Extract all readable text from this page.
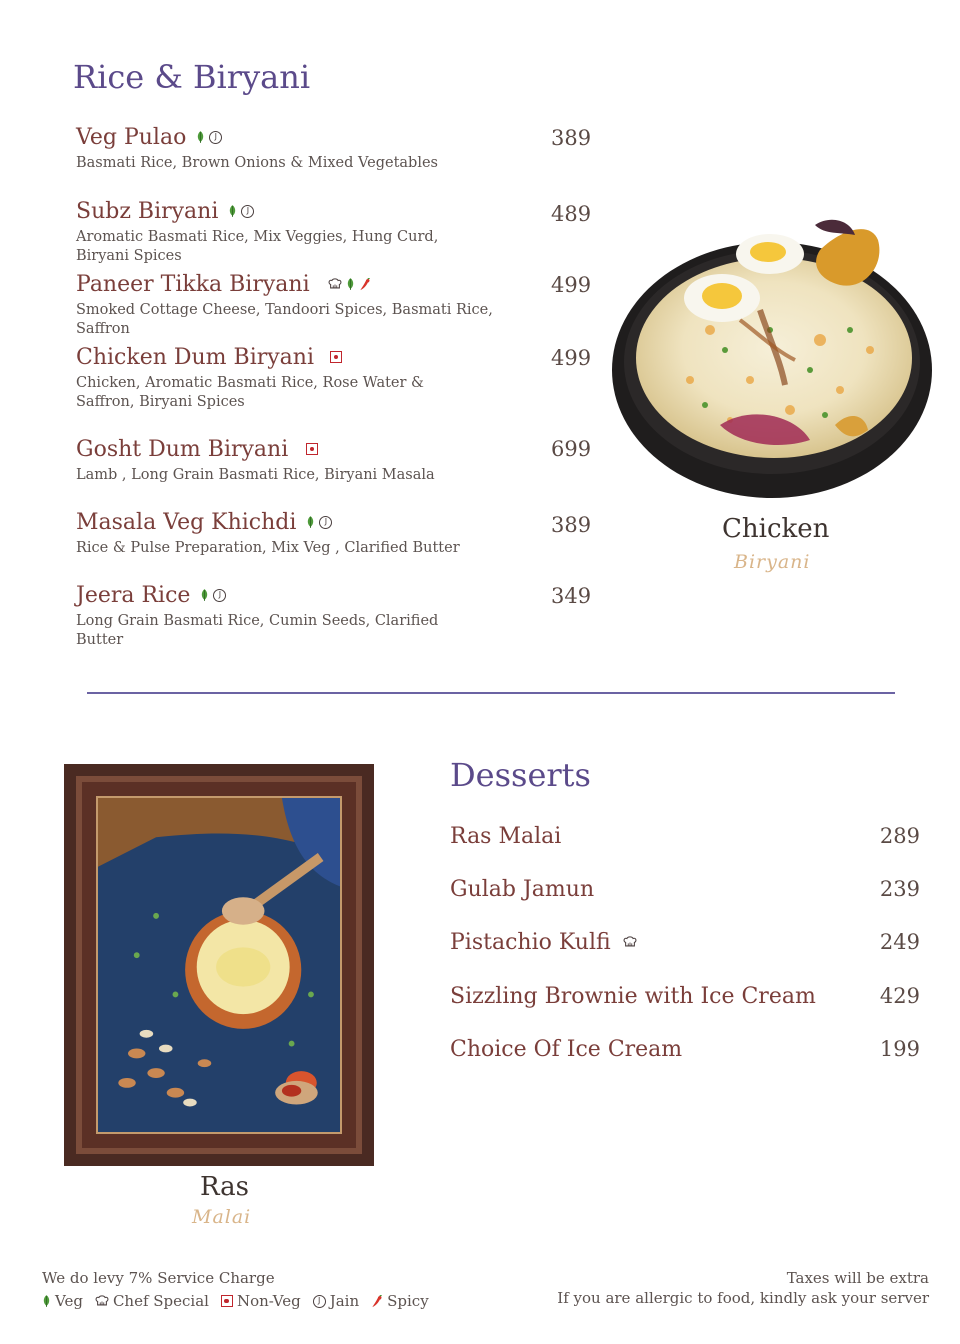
Rice & Biryani
Veg Pulao	J
Basmati Rice, Brown Onions & Mixed Vegetables
389
Subz Biryani	J
Aromatic Basmati Rice, Mix Veggies, Hung Curd, Biryani Spices
489
Paneer Tikka Biryani
Smoked Cottage Cheese, Tandoori Spices, Basmati Rice, Saffron
499
Chicken Dum Biryani
Chicken, Aromatic Basmati Rice, Rose Water & Saffron, Biryani Spices
499
Gosht Dum Biryani
Lamb , Long Grain Basmati Rice, Biryani Masala
699
Masala Veg Khichdi	J
Rice & Pulse Preparation, Mix Veg , Clarified Butter
389
Jeera Rice	J
Long Grain Basmati Rice, Cumin Seeds, Clarified Butter
349
Chicken
Biryani
Ras
Malai
Desserts
Ras Malai	289
Gulab Jamun	239
Pistachio Kulfi	249
Sizzling Brownie with Ice Cream	429
Choice Of Ice Cream	199
We do levy 7% Service Charge	Taxes will be extra
If you are allergic to food, kindly ask your server
Veg Chef Special Non-Veg	J Jain Spicy
